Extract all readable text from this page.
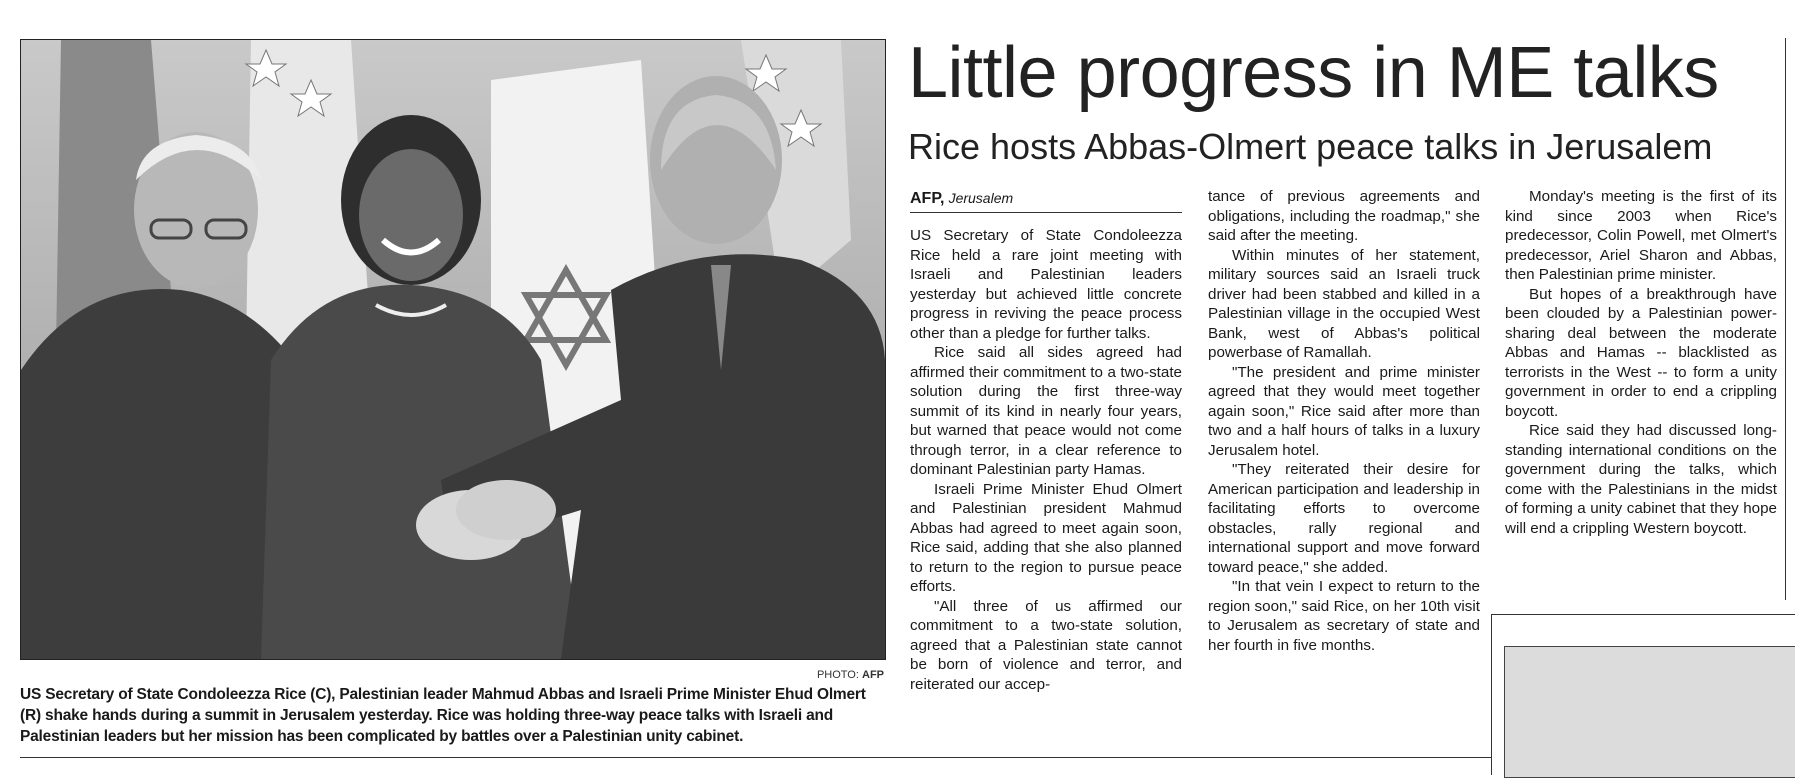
PHOTO: AFP
US Secretary of State Condoleezza Rice (C), Palestinian leader Mahmud Abbas and Israeli Prime Minister Ehud Olmert (R) shake hands during a summit in Jerusalem yesterday. Rice was holding three-way peace talks with Israeli and Palestinian leaders but her mission has been complicated by battles over a Palestinian unity cabinet.
Little progress in ME talks
Rice hosts Abbas-Olmert peace talks in Jerusalem
AFP, Jerusalem

US Secretary of State Condoleezza Rice held a rare joint meeting with Israeli and Palestinian leaders yesterday but achieved little concrete progress in reviving the peace process other than a pledge for further talks.

Rice said all sides agreed had affirmed their commitment to a two-state solution during the first three-way summit of its kind in nearly four years, but warned that peace would not come through terror, in a clear reference to dominant Palestinian party Hamas.

Israeli Prime Minister Ehud Olmert and Palestinian president Mahmud Abbas had agreed to meet again soon, Rice said, adding that she also planned to return to the region to pursue peace efforts.

"All three of us affirmed our commitment to a two-state solution, agreed that a Palestinian state cannot be born of violence and terror, and reiterated our accep-

tance of previous agreements and obligations, including the roadmap," she said after the meeting.

Within minutes of her statement, military sources said an Israeli truck driver had been stabbed and killed in a Palestinian village in the occupied West Bank, west of Abbas's political powerbase of Ramallah.

"The president and prime minister agreed that they would meet together again soon," Rice said after more than two and a half hours of talks in a luxury Jerusalem hotel.

"They reiterated their desire for American participation and leadership in facilitating efforts to overcome obstacles, rally regional and international support and move forward toward peace," she added.

"In that vein I expect to return to the region soon," said Rice, on her 10th visit to Jerusalem as secretary of state and her fourth in five months.

Monday's meeting is the first of its kind since 2003 when Rice's predecessor, Colin Powell, met Olmert's predecessor, Ariel Sharon and Abbas, then Palestinian prime minister.

But hopes of a breakthrough have been clouded by a Palestinian power-sharing deal between the moderate Abbas and Hamas -- blacklisted as terrorists in the West -- to form a unity government in order to end a crippling boycott.

Rice said they had discussed long-standing international conditions on the government during the talks, which come with the Palestinians in the midst of forming a unity cabinet that they hope will end a crippling Western boycott.
